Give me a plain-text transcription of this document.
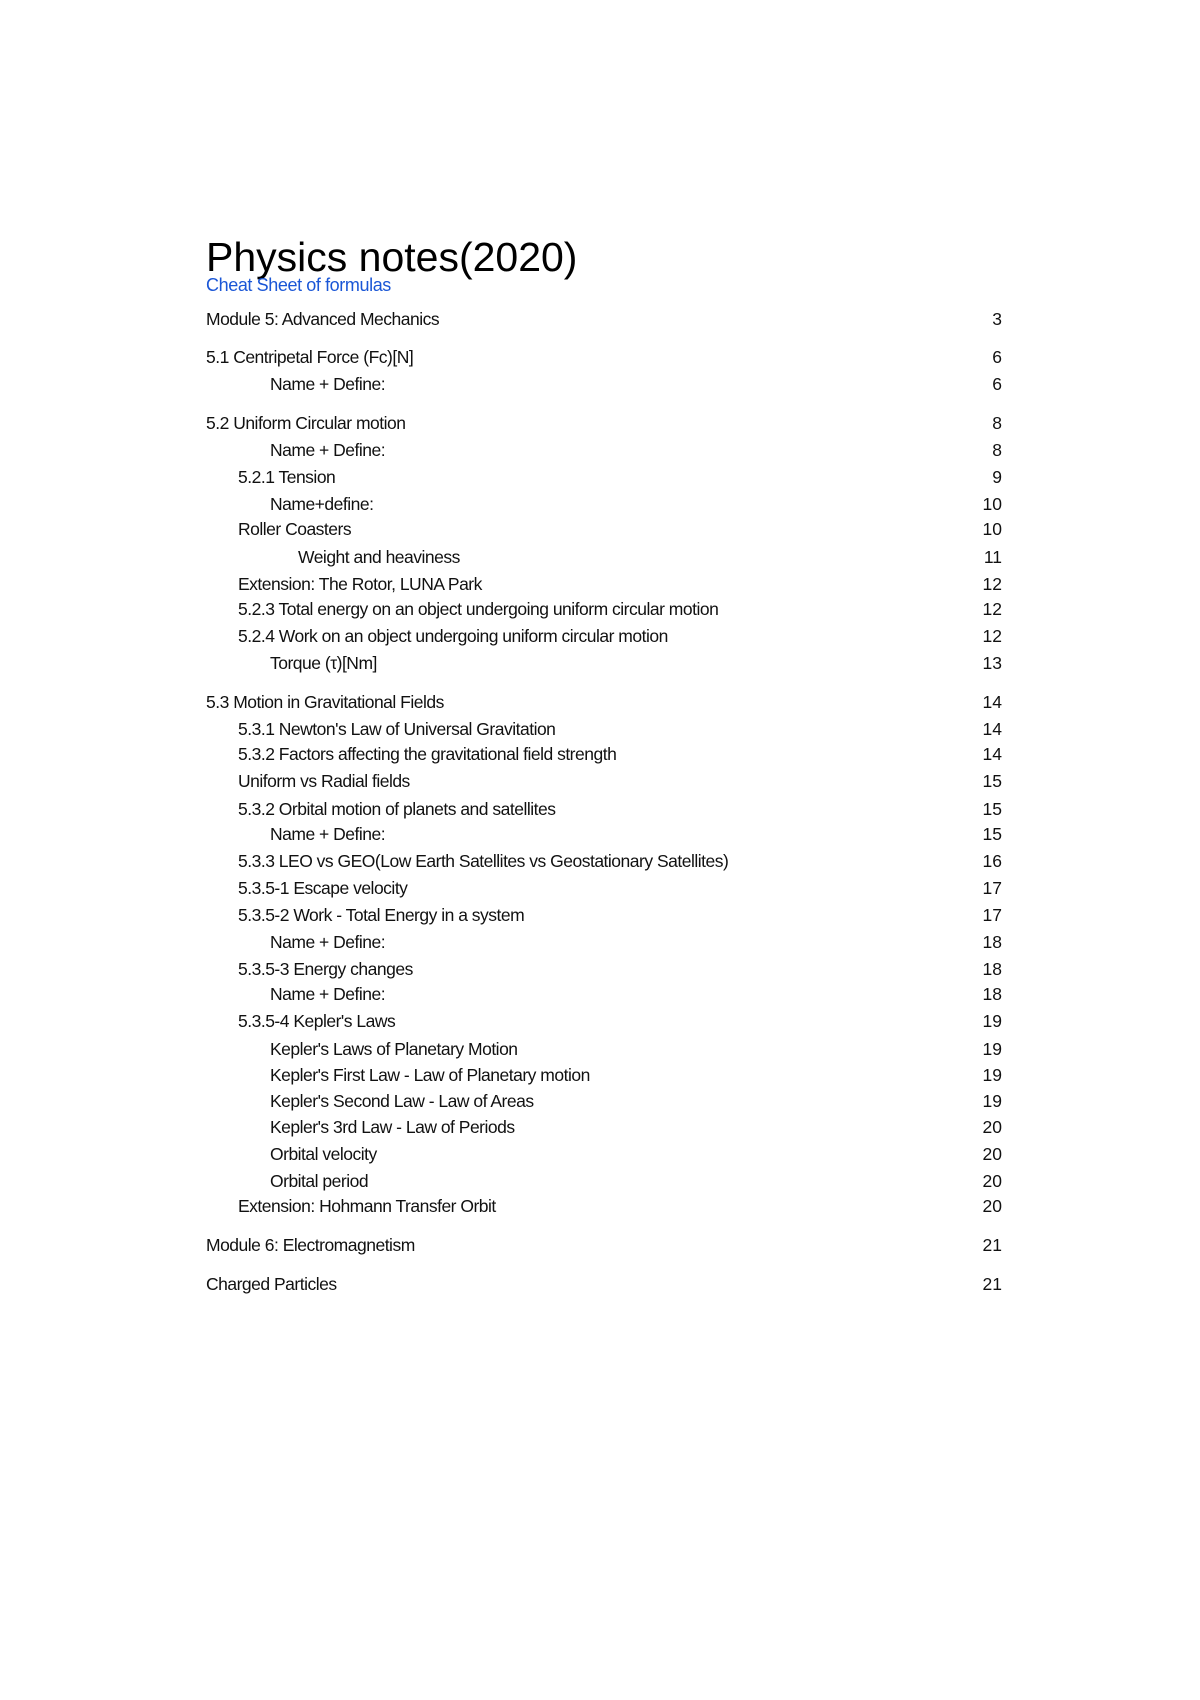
Physics notes(2020)
Cheat Sheet of formulas
Module 5: Advanced Mechanics
5.1 Centripetal Force (Fc)[N]
Name + Define:
5.2 Uniform Circular motion
Name + Define:
5.2.1 Tension
Name+define:
Roller Coasters
Weight and heaviness
Extension: The Rotor, LUNA Park
5.2.3 Total energy on an object undergoing uniform circular motion
5.2.4 Work on an object undergoing uniform circular motion
Torque (τ)[Nm]
5.3 Motion in Gravitational Fields
5.3.1 Newton's Law of Universal Gravitation
5.3.2 Factors affecting the gravitational field strength
Uniform vs Radial fields
5.3.2 Orbital motion of planets and satellites
Name + Define:
5.3.3 LEO vs GEO(Low Earth Satellites vs Geostationary Satellites)
5.3.5-1 Escape velocity
5.3.5-2 Work - Total Energy in a system
Name + Define:
5.3.5-3 Energy changes
Name + Define:
5.3.5-4 Kepler's Laws
Kepler's Laws of Planetary Motion
Kepler's First Law - Law of Planetary motion
Kepler's Second Law - Law of Areas
Kepler's 3rd Law - Law of Periods
Orbital velocity
Orbital period
Extension: Hohmann Transfer Orbit
Module 6: Electromagnetism
Charged Particles
3
6
6
8
8
9
10
10
11
12
12
12
13
14
14
14
15
15
15
16
17
17
18
18
18
19
19
19
19
20
20
20
20
21
21
